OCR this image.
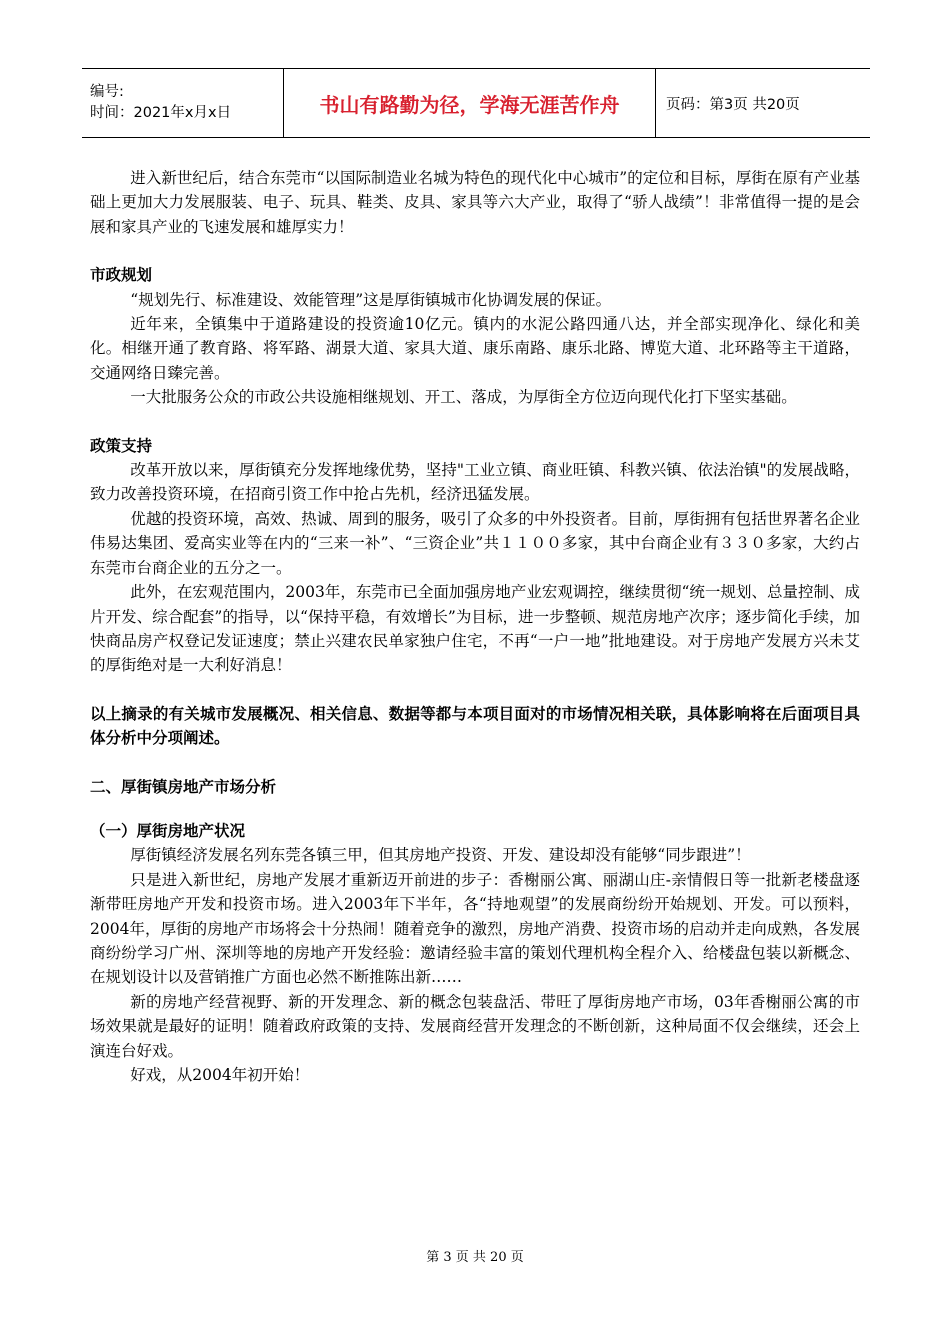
编号:
时间：2021年x月x日	书山有路勤为径，学海无涯苦作舟	页码：第3页 共20页

进入新世纪后，结合东莞市“以国际制造业名城为特色的现代化中心城市”的定位和目标，厚街在原有产业基础上更加大力发展服装、电子、玩具、鞋类、皮具、家具等六大产业，取得了“骄人战绩”！非常值得一提的是会展和家具产业的飞速发展和雄厚实力！

市政规划

“规划先行、标准建设、效能管理”这是厚街镇城市化协调发展的保证。

近年来，全镇集中于道路建设的投资逾10亿元。镇内的水泥公路四通八达，并全部实现净化、绿化和美化。相继开通了教育路、将军路、湖景大道、家具大道、康乐南路、康乐北路、博览大道、北环路等主干道路，交通网络日臻完善。

一大批服务公众的市政公共设施相继规划、开工、落成，为厚街全方位迈向现代化打下坚实基础。

政策支持

改革开放以来，厚街镇充分发挥地缘优势，坚持"工业立镇、商业旺镇、科教兴镇、依法治镇"的发展战略，致力改善投资环境，在招商引资工作中抢占先机，经济迅猛发展。

优越的投资环境，高效、热诚、周到的服务，吸引了众多的中外投资者。目前，厚街拥有包括世界著名企业伟易达集团、爱高实业等在内的“三来一补”、“三资企业”共１１００多家，其中台商企业有３３０多家，大约占东莞市台商企业的五分之一。

此外，在宏观范围内，2003年，东莞市已全面加强房地产业宏观调控，继续贯彻“统一规划、总量控制、成片开发、综合配套”的指导，以“保持平稳，有效增长”为目标，进一步整顿、规范房地产次序；逐步简化手续，加快商品房产权登记发证速度；禁止兴建农民单家独户住宅，不再“一户一地”批地建设。对于房地产发展方兴未艾的厚街绝对是一大利好消息！

以上摘录的有关城市发展概况、相关信息、数据等都与本项目面对的市场情况相关联，具体影响将在后面项目具体分析中分项阐述。

二、厚街镇房地产市场分析

（一）厚街房地产状况

厚街镇经济发展名列东莞各镇三甲，但其房地产投资、开发、建设却没有能够“同步跟进”！

只是进入新世纪，房地产发展才重新迈开前进的步子：香榭丽公寓、丽湖山庄-亲情假日等一批新老楼盘逐渐带旺房地产开发和投资市场。进入2003年下半年，各“持地观望”的发展商纷纷开始规划、开发。可以预料，2004年，厚街的房地产市场将会十分热闹！随着竞争的激烈，房地产消费、投资市场的启动并走向成熟，各发展商纷纷学习广州、深圳等地的房地产开发经验：邀请经验丰富的策划代理机构全程介入、给楼盘包装以新概念、在规划设计以及营销推广方面也必然不断推陈出新……

新的房地产经营视野、新的开发理念、新的概念包装盘活、带旺了厚街房地产市场，03年香榭丽公寓的市场效果就是最好的证明！随着政府政策的支持、发展商经营开发理念的不断创新，这种局面不仅会继续，还会上演连台好戏。

好戏，从2004年初开始！

第 3 页 共 20 页
